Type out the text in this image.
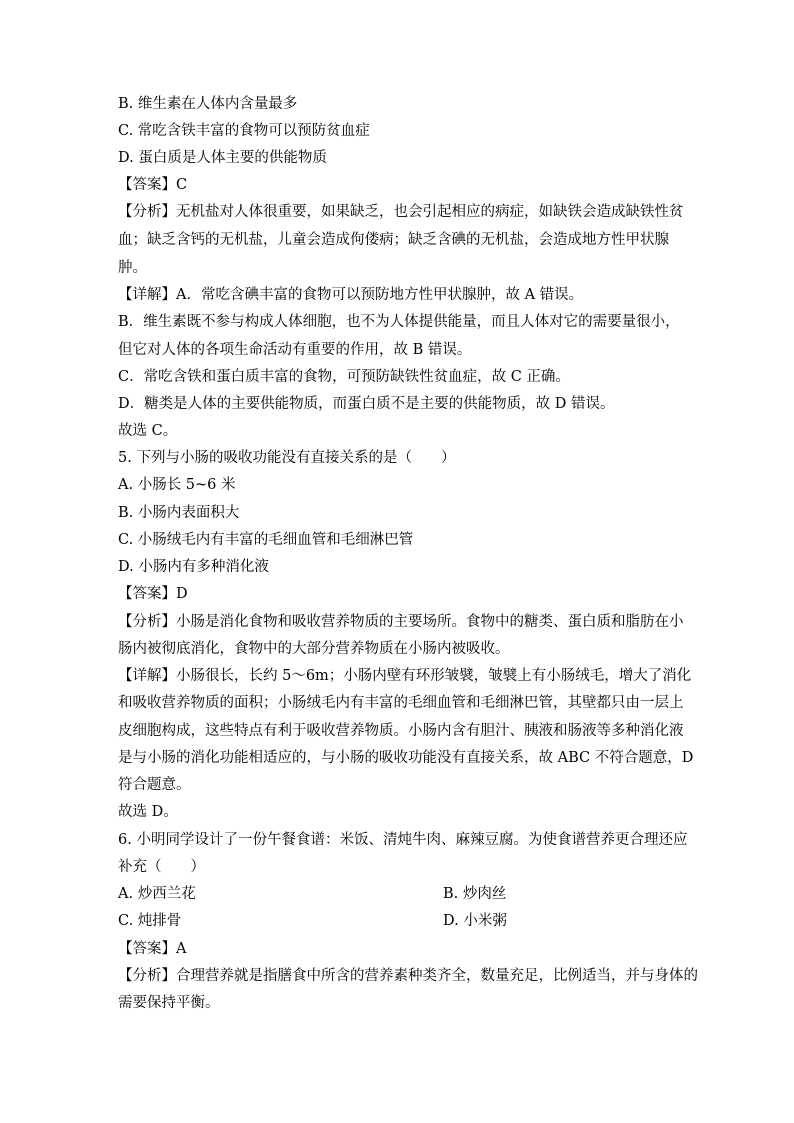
B. 维生素在人体内含量最多

C. 常吃含铁丰富的食物可以预防贫血症

D. 蛋白质是人体主要的供能物质

【答案】C

【分析】无机盐对人体很重要，如果缺乏，也会引起相应的病症，如缺铁会造成缺铁性贫

血；缺乏含钙的无机盐，儿童会造成佝偻病；缺乏含碘的无机盐，会造成地方性甲状腺

肿。

【详解】A．常吃含碘丰富的食物可以预防地方性甲状腺肿，故 A 错误。

B．维生素既不参与构成人体细胞，也不为人体提供能量，而且人体对它的需要量很小，

但它对人体的各项生命活动有重要的作用，故 B 错误。

C．常吃含铁和蛋白质丰富的食物，可预防缺铁性贫血症，故 C 正确。

D．糖类是人体的主要供能物质，而蛋白质不是主要的供能物质，故 D 错误。

故选 C。

5. 下列与小肠的吸收功能没有直接关系的是（　　）

A. 小肠长 5~6 米

B. 小肠内表面积大

C. 小肠绒毛内有丰富的毛细血管和毛细淋巴管

D. 小肠内有多种消化液

【答案】D

【分析】小肠是消化食物和吸收营养物质的主要场所。食物中的糖类、蛋白质和脂肪在小

肠内被彻底消化，食物中的大部分营养物质在小肠内被吸收。

【详解】小肠很长，长约 5～6m；小肠内壁有环形皱襞，皱襞上有小肠绒毛，增大了消化

和吸收营养物质的面积；小肠绒毛内有丰富的毛细血管和毛细淋巴管，其壁都只由一层上

皮细胞构成，这些特点有利于吸收营养物质。小肠内含有胆汁、胰液和肠液等多种消化液

是与小肠的消化功能相适应的，与小肠的吸收功能没有直接关系，故 ABC 不符合题意，D

符合题意。

故选 D。

6. 小明同学设计了一份午餐食谱：米饭、清炖牛肉、麻辣豆腐。为使食谱营养更合理还应

补充（　　）

A. 炒西兰花	B. 炒肉丝

C. 炖排骨	D. 小米粥

【答案】A

【分析】合理营养就是指膳食中所含的营养素种类齐全，数量充足，比例适当，并与身体的

需要保持平衡。
